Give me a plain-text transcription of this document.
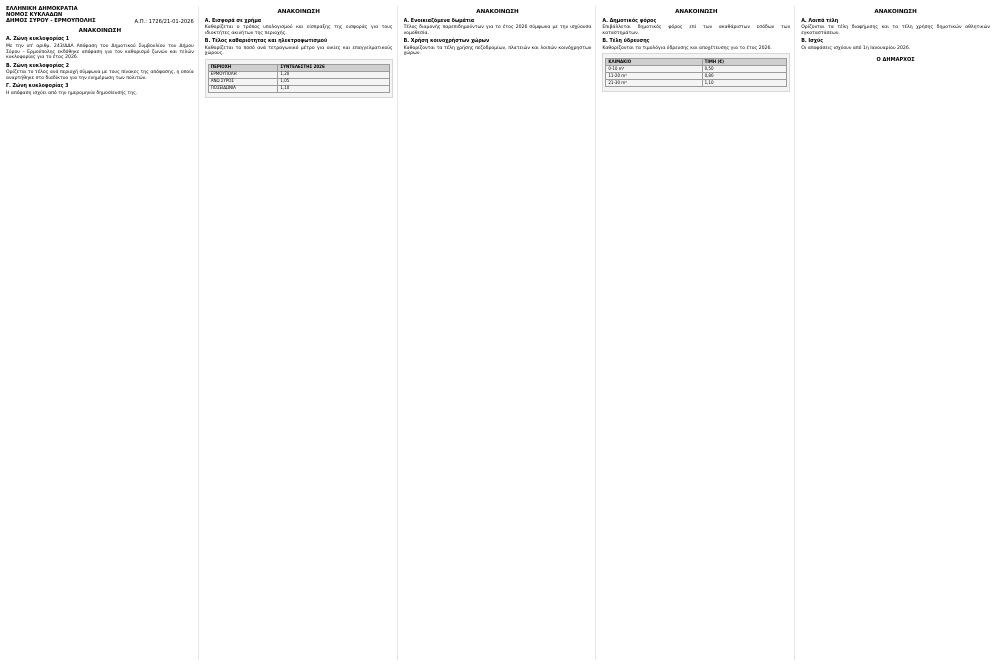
ΕΛΛΗΝΙΚΗ ΔΗΜΟΚΡΑΤΙΑ
ΝΟΜΟΣ ΚΥΚΛΑΔΩΝ
ΔΗΜΟΣ ΣΥΡΟΥ - ΕΡΜΟΥΠΟΛΗΣ	Α.Π.: 1726/21-01-2026
ΑΝΑΚΟΙΝΩΣΗ
Α. Ζώνη κυκλοφορίας 1

Με την υπ' αριθμ. 243/ΔΔΑ Απόφαση του Δημοτικού Συμβουλίου του Δήμου Σύρου – Ερμούπολης εκδόθηκε απόφαση για τον καθορισμό ζωνών και τελών κυκλοφορίας για το έτος 2026.

Β. Ζώνη κυκλοφορίας 2

Ορίζεται το τέλος ανά περιοχή σύμφωνα με τους πίνακες της απόφασης, η οποία αναρτήθηκε στο διαδίκτυο για την ενημέρωση των πολιτών.

Γ. Ζώνη κυκλοφορίας 3

Η απόφαση ισχύει από την ημερομηνία δημοσίευσής της.

ΑΝΑΚΟΙΝΩΣΗ
Α. Εισφορά σε χρήμα

Καθορίζεται ο τρόπος υπολογισμού και είσπραξης της εισφοράς για τους ιδιοκτήτες ακινήτων της περιοχής.

Β. Τέλος καθαριότητας και ηλεκτροφωτισμού

Καθορίζεται το ποσό ανά τετραγωνικό μέτρο για οικίες και επαγγελματικούς χώρους.

ΠΕΡΙΟΧΗ	ΣΥΝΤΕΛΕΣΤΗΣ 2026
ΕΡΜΟΥΠΟΛΗ	1,20
ΑΝΩ ΣΥΡΟΣ	1,05
ΠΟΣΕΙΔΩΝΙΑ	1,10
ΑΝΑΚΟΙΝΩΣΗ
Α. Ενοικιαζόμενα δωμάτια

Τέλος διαμονής παρεπιδημούντων για το έτος 2026 σύμφωνα με την ισχύουσα νομοθεσία.

Β. Χρήση κοινοχρήστων χώρων

Καθορίζονται τα τέλη χρήσης πεζοδρομίων, πλατειών και λοιπών κοινόχρηστων χώρων.

ΑΝΑΚΟΙΝΩΣΗ
Α. Δημοτικός φόρος

Επιβάλλεται δημοτικός φόρος επί των ακαθάριστων εσόδων των καταστημάτων.

Β. Τέλη ύδρευσης

Καθορίζονται τα τιμολόγια ύδρευσης και αποχέτευσης για το έτος 2026.

ΚΛΙΜΑΚΙΟ	ΤΙΜΗ (€)
0-10 m³	0,50
11-20 m³	0,80
21-30 m³	1,10
ΑΝΑΚΟΙΝΩΣΗ
Α. Λοιπά τέλη

Ορίζονται τα τέλη διαφήμισης και τα τέλη χρήσης δημοτικών αθλητικών εγκαταστάσεων.

Β. Ισχύς

Οι αποφάσεις ισχύουν από 1η Ιανουαρίου 2026.

Ο ΔΗΜΑΡΧΟΣ
